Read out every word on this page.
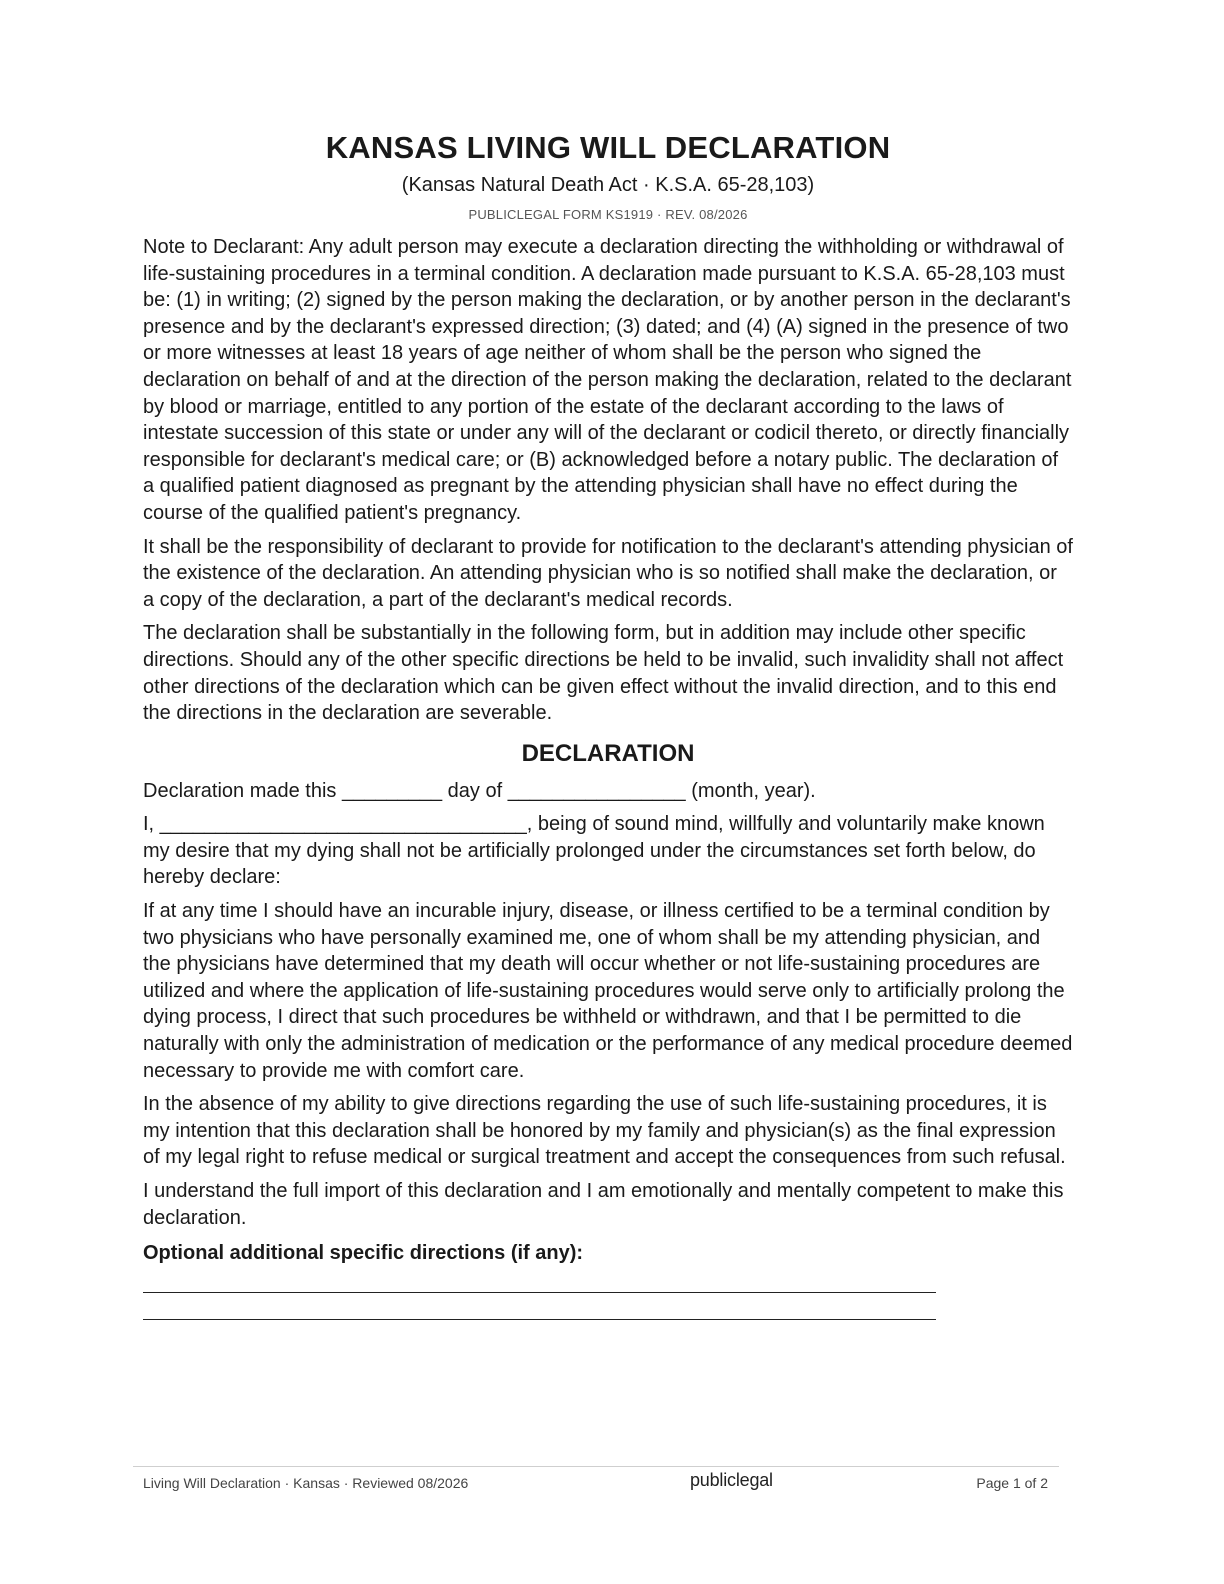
KANSAS LIVING WILL DECLARATION

(Kansas Natural Death Act · K.S.A. 65-28,103)

PUBLICLEGAL FORM KS1919 · REV. 08/2026

Note to Declarant: Any adult person may execute a declaration directing the withholding or withdrawal of life-sustaining procedures in a terminal condition. A declaration made pursuant to K.S.A. 65-28,103 must be: (1) in writing; (2) signed by the person making the declaration, or by another person in the declarant's presence and by the declarant's expressed direction; (3) dated; and (4) (A) signed in the presence of two or more witnesses at least 18 years of age neither of whom shall be the person who signed the declaration on behalf of and at the direction of the person making the declaration, related to the declarant by blood or marriage, entitled to any portion of the estate of the declarant according to the laws of intestate succession of this state or under any will of the declarant or codicil thereto, or directly financially responsible for declarant's medical care; or (B) acknowledged before a notary public. The declaration of a qualified patient diagnosed as pregnant by the attending physician shall have no effect during the course of the qualified patient's pregnancy.

It shall be the responsibility of declarant to provide for notification to the declarant's attending physician of the existence of the declaration. An attending physician who is so notified shall make the declaration, or a copy of the declaration, a part of the declarant's medical records.

The declaration shall be substantially in the following form, but in addition may include other specific directions. Should any of the other specific directions be held to be invalid, such invalidity shall not affect other directions of the declaration which can be given effect without the invalid direction, and to this end the directions in the declaration are severable.

DECLARATION

Declaration made this _________ day of ________________ (month, year).

I, _________________________________, being of sound mind, willfully and voluntarily make known my desire that my dying shall not be artificially prolonged under the circumstances set forth below, do hereby declare:

If at any time I should have an incurable injury, disease, or illness certified to be a terminal condition by two physicians who have personally examined me, one of whom shall be my attending physician, and the physicians have determined that my death will occur whether or not life-sustaining procedures are utilized and where the application of life-sustaining procedures would serve only to artificially prolong the dying process, I direct that such procedures be withheld or withdrawn, and that I be permitted to die naturally with only the administration of medication or the performance of any medical procedure deemed necessary to provide me with comfort care.

In the absence of my ability to give directions regarding the use of such life-sustaining procedures, it is my intention that this declaration shall be honored by my family and physician(s) as the final expression of my legal right to refuse medical or surgical treatment and accept the consequences from such refusal.

I understand the full import of this declaration and I am emotionally and mentally competent to make this declaration.

Optional additional specific directions (if any):

Living Will Declaration · Kansas · Reviewed 08/2026	publiclegal	Page 1 of 2
